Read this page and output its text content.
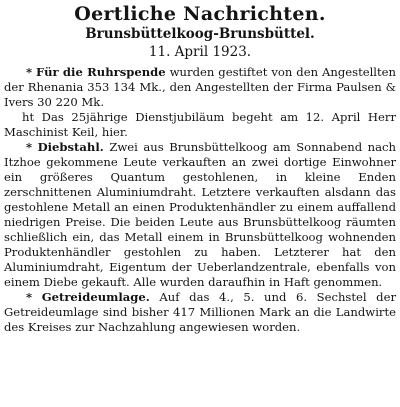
Oertliche Nachrichten.
Brunsbüttelkoog-Brunsbüttel.
11. April 1923.

* Für die Ruhrspende wurden gestiftet von den Angestellten der Rhenania 353 134 Mk., den Angestellten der Firma Paulsen & Ivers 30 220 Mk.

ht Das 25jährige Dienstjubiläum begeht am 12. April Herr Maschinist Keil, hier.

* Diebstahl. Zwei aus Brunsbüttelkoog am Sonnabend nach Itzhoe gekommene Leute verkauften an zwei dortige Einwohner ein größeres Quantum gestohlenen, in kleine Enden zerschnittenen Aluminiumdraht. Letztere verkauften alsdann das gestohlene Metall an einen Produktenhändler zu einem auffallend niedrigen Preise. Die beiden Leute aus Brunsbüttelkoog räumten schließlich ein, das Metall einem in Brunsbüttelkoog wohnenden Produktenhändler gestohlen zu haben. Letzterer hat den Aluminiumdraht, Eigentum der Ueberlandzentrale, ebenfalls von einem Diebe gekauft. Alle wurden daraufhin in Haft genommen.

* Getreideumlage. Auf das 4., 5. und 6. Sechstel der Getreideumlage sind bisher 417 Millionen Mark an die Landwirte des Kreises zur Nachzahlung angewiesen worden.
